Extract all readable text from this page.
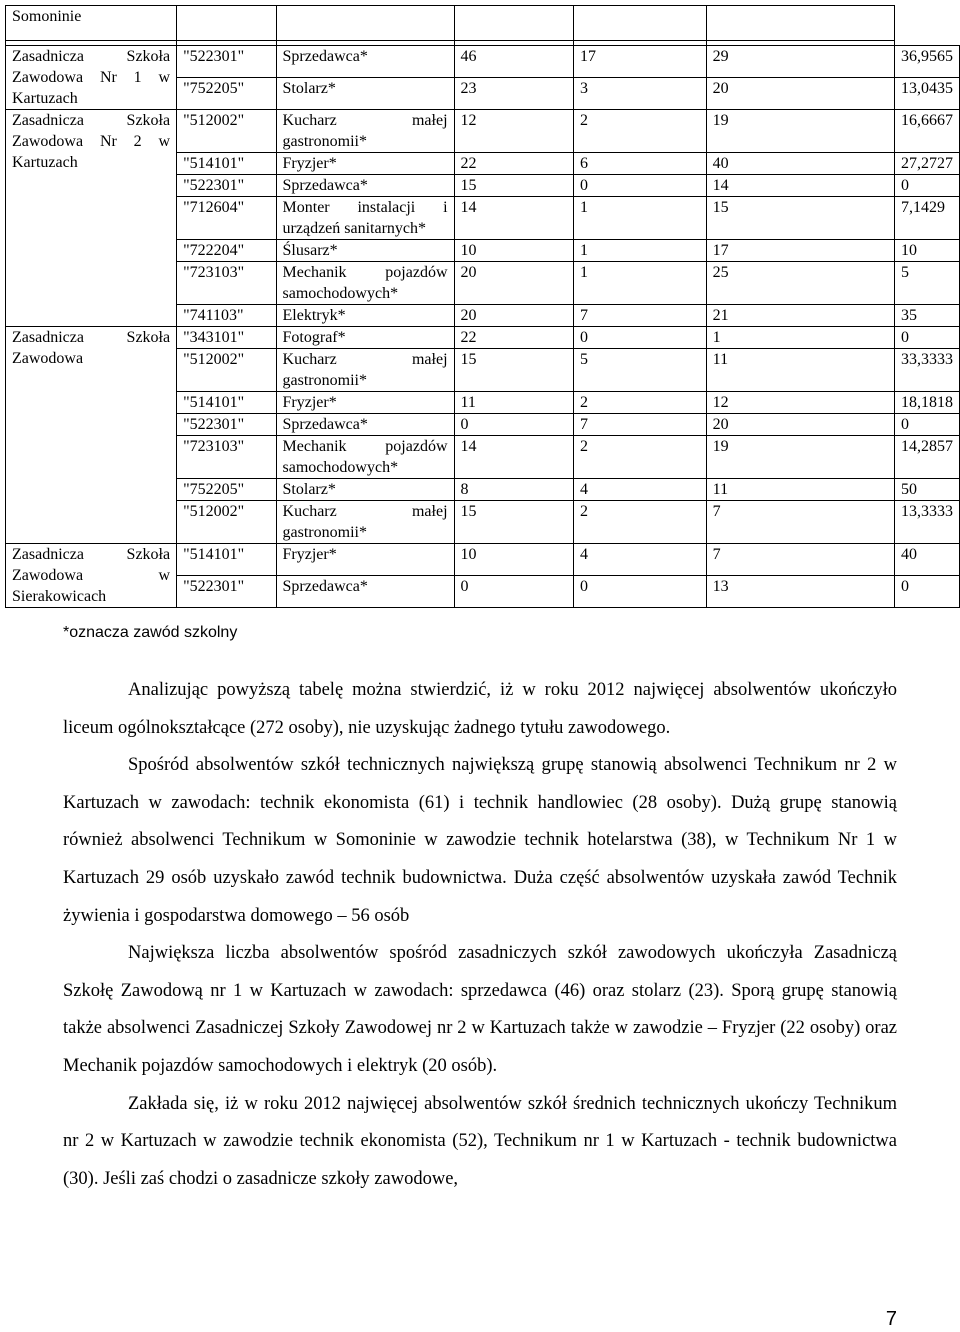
Somoninie						

Zasadnicza Szkoła Zawodowa Nr 1 w Kartuzach	"522301"	Sprzedawca*	46	17	29	36,9565
	"752205"	Stolarz*	23	3	20	13,0435
Zasadnicza Szkoła Zawodowa Nr 2 w Kartuzach	"512002"	Kucharz małej gastronomii*	12	2	19	16,6667
	"514101"	Fryzjer*	22	6	40	27,2727
	"522301"	Sprzedawca*	15	0	14	0
	"712604"	Monter instalacji i urządzeń sanitarnych*	14	1	15	7,1429
	"722204"	Ślusarz*	10	1	17	10
	"723103"	Mechanik pojazdów samochodowych*	20	1	25	5
	"741103"	Elektryk*	20	7	21	35
Zasadnicza Szkoła Zawodowa	"343101"	Fotograf*	22	0	1	0
	"512002"	Kucharz małej gastronomii*	15	5	11	33,3333
	"514101"	Fryzjer*	11	2	12	18,1818
	"522301"	Sprzedawca*	0	7	20	0
	"723103"	Mechanik pojazdów samochodowych*	14	2	19	14,2857
	"752205"	Stolarz*	8	4	11	50
	"512002"	Kucharz małej gastronomii*	15	2	7	13,3333
Zasadnicza Szkoła Zawodowa w Sierakowicach	"514101"	Fryzjer*	10	4	7	40
	"522301"	Sprzedawca*	0	0	13	0
*oznacza zawód szkolny

Analizując powyższą tabelę można stwierdzić, iż w roku 2012 najwięcej absolwentów ukończyło liceum ogólnokształcące (272 osoby), nie uzyskując żadnego tytułu zawodowego.

Spośród absolwentów szkół technicznych największą grupę stanowią absolwenci Technikum nr 2 w Kartuzach w zawodach: technik ekonomista (61) i technik handlowiec (28 osoby). Dużą grupę stanowią również absolwenci Technikum w Somoninie w zawodzie technik hotelarstwa (38), w Technikum Nr 1 w Kartuzach 29 osób uzyskało zawód technik budownictwa. Duża część absolwentów uzyskała zawód Technik żywienia i gospodarstwa domowego – 56 osób

Największa liczba absolwentów spośród zasadniczych szkół zawodowych ukończyła Zasadniczą Szkołę Zawodową nr 1 w Kartuzach w zawodach: sprzedawca (46) oraz stolarz (23). Sporą grupę stanowią także absolwenci Zasadniczej Szkoły Zawodowej nr 2 w Kartuzach także w zawodzie – Fryzjer (22 osoby) oraz Mechanik pojazdów samochodowych i elektryk (20 osób).

Zakłada się, iż w roku 2012 najwięcej absolwentów szkół średnich technicznych ukończy Technikum nr 2 w Kartuzach w zawodzie technik ekonomista (52), Technikum nr 1 w Kartuzach - technik budownictwa (30). Jeśli zaś chodzi o zasadnicze szkoły zawodowe,

7
